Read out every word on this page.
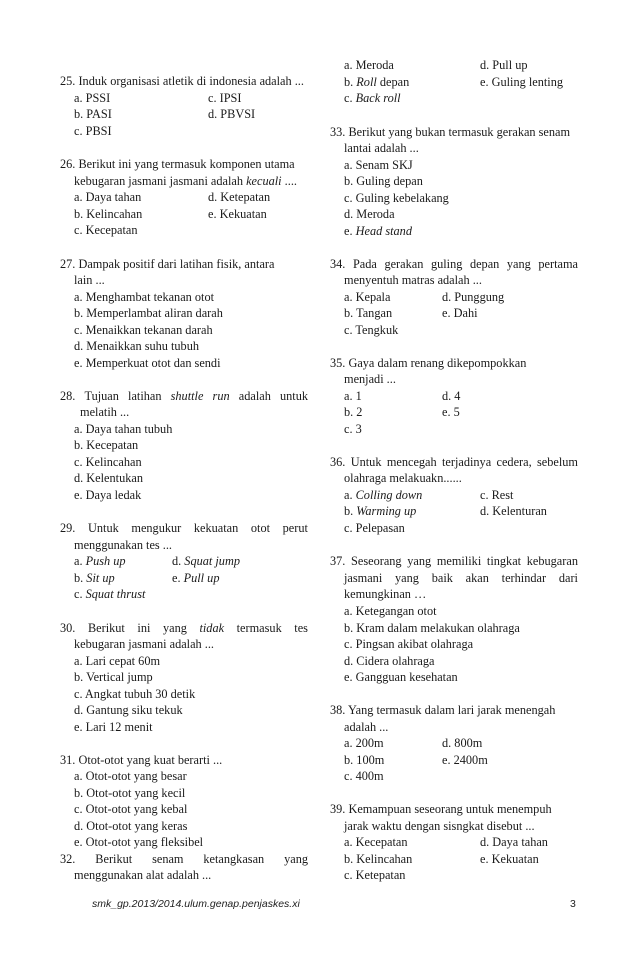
25. Induk organisasi atletik di indonesia adalah ...
a. PSSI	c. IPSI
b. PASI	d. PBVSI
c. PBSI
26. Berikut ini yang termasuk komponen utama
kebugaran jasmani jasmani adalah kecuali ....
a. Daya tahan	d. Ketepatan
b. Kelincahan	e. Kekuatan
c. Kecepatan
27. Dampak positif dari latihan fisik, antara
lain ...
a. Menghambat tekanan otot
b. Memperlambat aliran darah
c. Menaikkan tekanan darah
d. Menaikkan suhu tubuh
e. Memperkuat otot dan sendi
28. Tujuan latihan shuttle run adalah untuk
melatih ...
a. Daya tahan tubuh
b. Kecepatan
c. Kelincahan
d. Kelentukan
e. Daya ledak
29. Untuk mengukur kekuatan otot perut
menggunakan tes ...
a. Push up	d. Squat jump
b. Sit up	e. Pull up
c. Squat thrust
30. Berikut ini yang tidak termasuk tes
kebugaran jasmani adalah ...
a. Lari cepat 60m
b. Vertical jump
c. Angkat tubuh 30 detik
d. Gantung siku tekuk
e. Lari 12 menit
31. Otot-otot yang kuat berarti ...
a. Otot-otot yang besar
b. Otot-otot yang kecil
c. Otot-otot yang kebal
d. Otot-otot yang keras
e. Otot-otot yang fleksibel
32. Berikut senam ketangkasan yang
menggunakan alat adalah ...
a. Meroda	d. Pull up
b. Roll depan	e. Guling lenting
c. Back roll
33. Berikut yang bukan termasuk gerakan senam
lantai adalah ...
a. Senam SKJ
b. Guling depan
c. Guling kebelakang
d. Meroda
e. Head stand
34. Pada gerakan guling depan yang pertama
menyentuh matras adalah ...
a. Kepala	d. Punggung
b. Tangan	e. Dahi
c. Tengkuk
35. Gaya dalam renang dikepompokkan
menjadi ...
a. 1	d. 4
b. 2	e. 5
c. 3
36. Untuk mencegah terjadinya cedera, sebelum
olahraga melakuakn......
a. Colling down	c. Rest
b. Warming up	d. Kelenturan
c. Pelepasan
37. Seseorang yang memiliki tingkat kebugaran
jasmani yang baik akan terhindar dari
kemungkinan …
a. Ketegangan otot
b. Kram dalam melakukan olahraga
c. Pingsan akibat olahraga
d. Cidera olahraga
e. Gangguan kesehatan
38. Yang termasuk dalam lari jarak menengah
adalah ...
a. 200m	d. 800m
b. 100m	e. 2400m
c. 400m
39. Kemampuan seseorang untuk menempuh
jarak waktu dengan sisngkat disebut ...
a. Kecepatan	d. Daya tahan
b. Kelincahan	e. Kekuatan
c. Ketepatan
smk_gp.2013/2014.ulum.genap.penjaskes.xi	3
